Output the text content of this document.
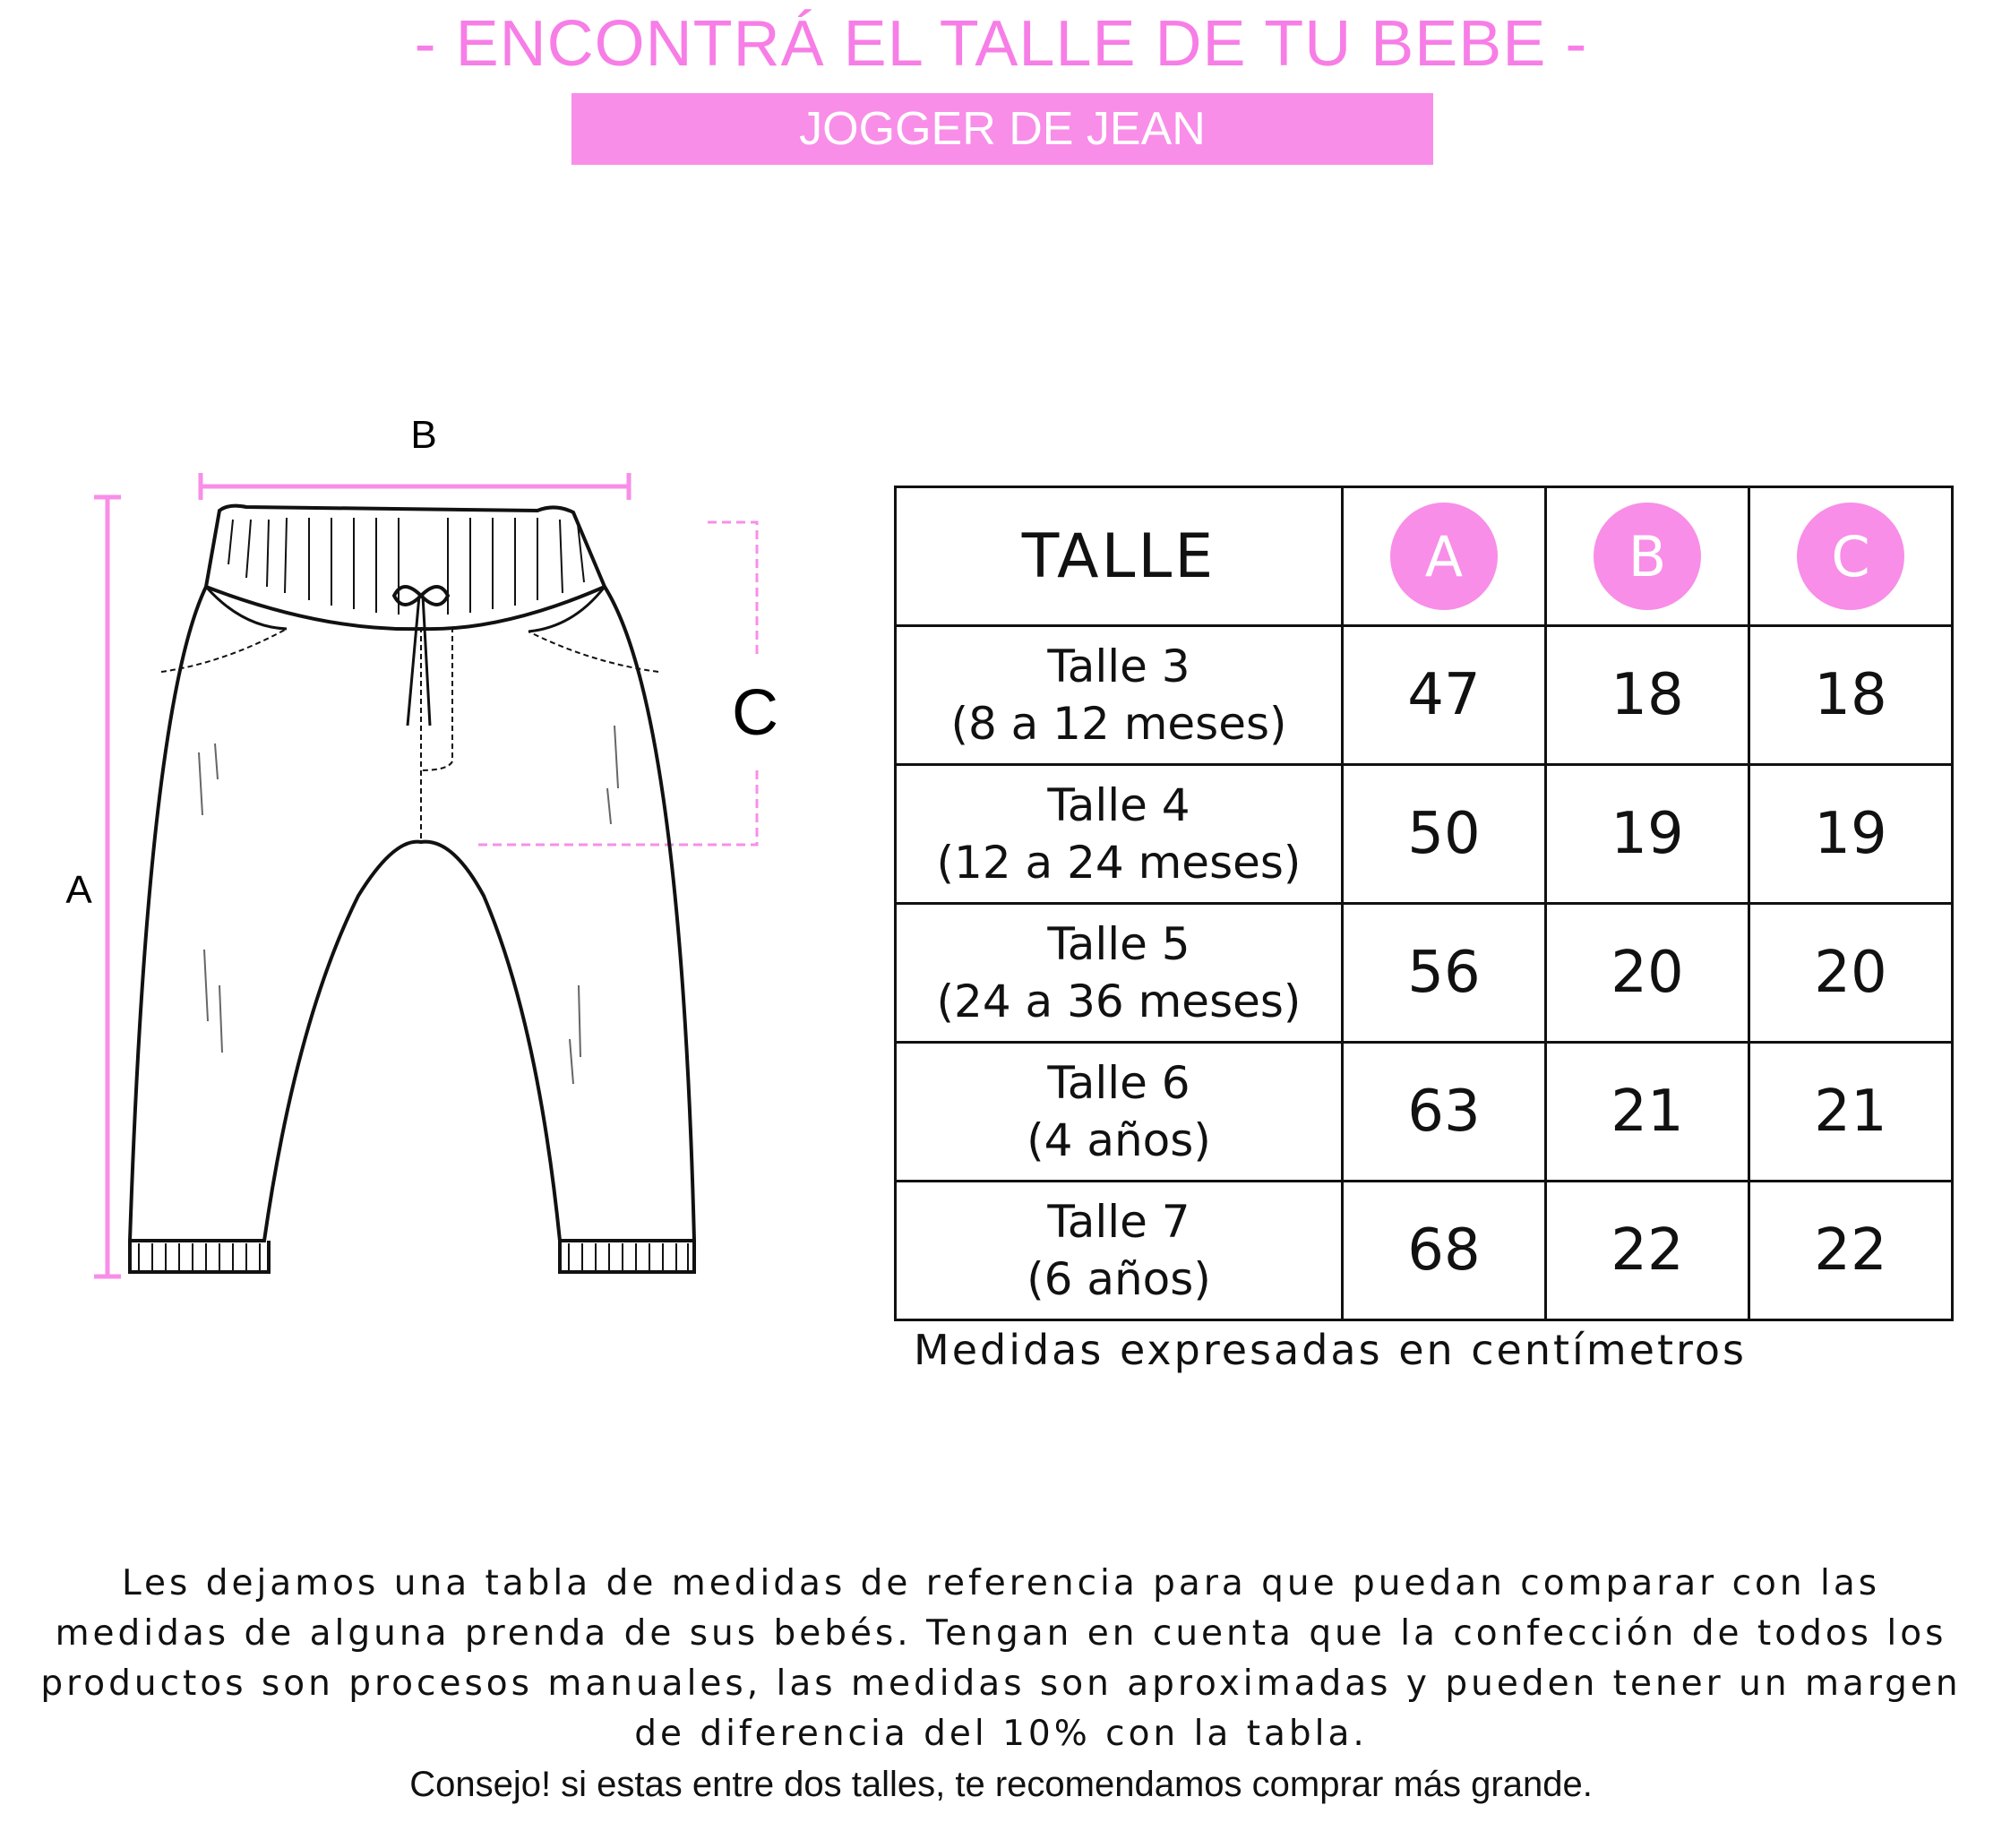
- ENCONTRÁ EL TALLE DE TU BEBE -
JOGGER DE JEAN
B
A
C
TALLE	A	B	C

Talle 3
(8 a 12 meses)	47	18	18

Talle 4
(12 a 24 meses)	50	19	19

Talle 5
(24 a 36 meses)	56	20	20

Talle 6
(4 años)	63	21	21

Talle 7
(6 años)	68	22	22
Medidas expresadas en centímetros

Les dejamos una tabla de medidas de referencia para que puedan comparar con las

medidas de alguna prenda de sus bebés. Tengan en cuenta que la confección de todos los

productos son procesos manuales, las medidas son aproximadas y pueden tener un margen

de diferencia del 10% con la tabla.

Consejo! si estas entre dos talles, te recomendamos comprar más grande.
